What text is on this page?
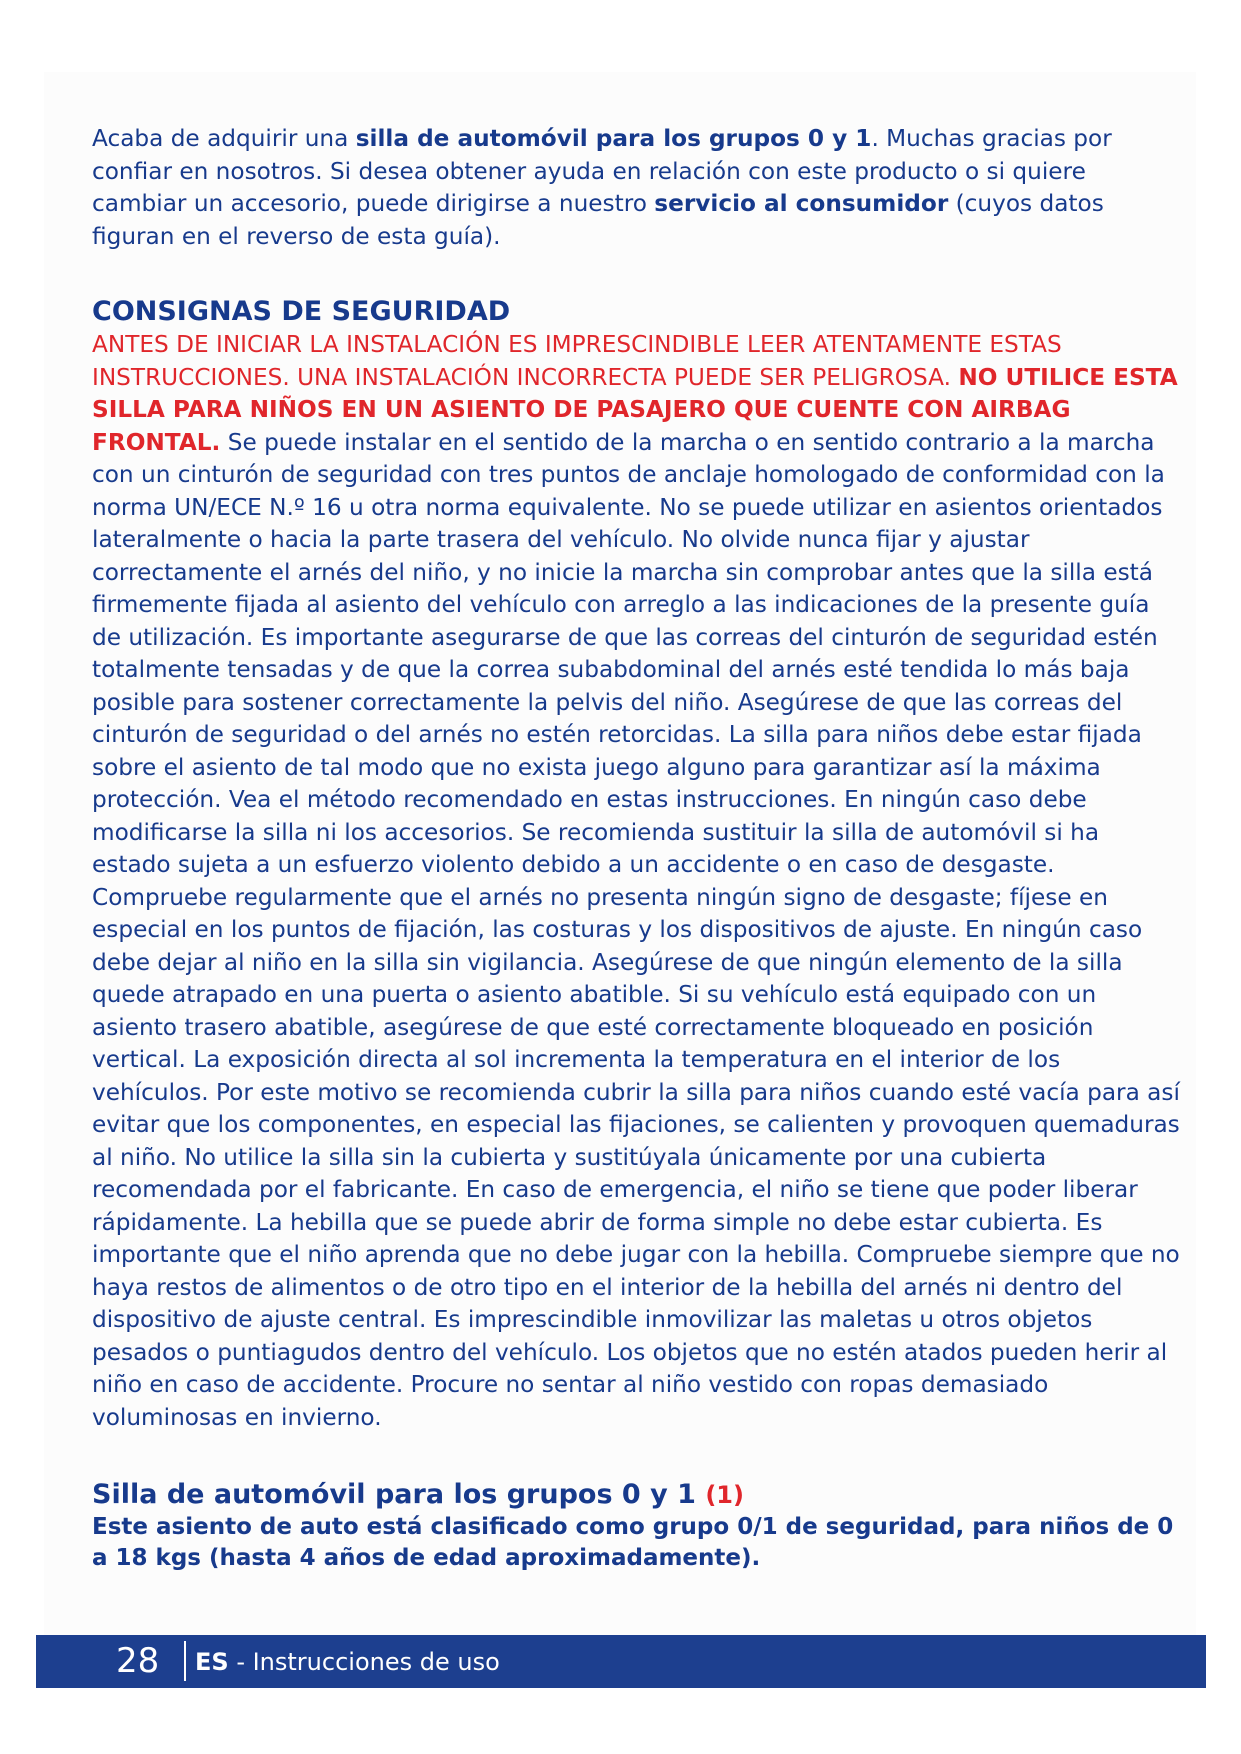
Acaba de adquirir una silla de automóvil para los grupos 0 y 1. Muchas gracias por confiar en nosotros. Si desea obtener ayuda en relación con este producto o si quiere cambiar un accesorio, puede dirigirse a nuestro servicio al consumidor (cuyos datos figuran en el reverso de esta guía).

CONSIGNAS DE SEGURIDAD

ANTES DE INICIAR LA INSTALACIÓN ES IMPRESCINDIBLE LEER ATENTAMENTE ESTAS INSTRUCCIONES. UNA INSTALACIÓN INCORRECTA PUEDE SER PELIGROSA. NO UTILICE ESTA SILLA PARA NIÑOS EN UN ASIENTO DE PASAJERO QUE CUENTE CON AIRBAG FRONTAL. Se puede instalar en el sentido de la marcha o en sentido contrario a la marcha con un cinturón de seguridad con tres puntos de anclaje homologado de conformidad con la norma UN/ECE N.º 16 u otra norma equivalente. No se puede utilizar en asientos orientados lateralmente o hacia la parte trasera del vehículo. No olvide nunca fijar y ajustar correctamente el arnés del niño, y no inicie la marcha sin comprobar antes que la silla está firmemente fijada al asiento del vehículo con arreglo a las indicaciones de la presente guía de utilización. Es importante asegurarse de que las correas del cinturón de seguridad estén totalmente tensadas y de que la correa subabdominal del arnés esté tendida lo más baja posible para sostener correctamente la pelvis del niño. Asegúrese de que las correas del cinturón de seguridad o del arnés no estén retorcidas. La silla para niños debe estar fijada sobre el asiento de tal modo que no exista juego alguno para garantizar así la máxima protección. Vea el método recomendado en estas instrucciones. En ningún caso debe modificarse la silla ni los accesorios. Se recomienda sustituir la silla de automóvil si ha estado sujeta a un esfuerzo violento debido a un accidente o en caso de desgaste. Compruebe regularmente que el arnés no presenta ningún signo de desgaste; fíjese en especial en los puntos de fijación, las costuras y los dispositivos de ajuste. En ningún caso debe dejar al niño en la silla sin vigilancia. Asegúrese de que ningún elemento de la silla quede atrapado en una puerta o asiento abatible. Si su vehículo está equipado con un asiento trasero abatible, asegúrese de que esté correctamente bloqueado en posición vertical. La exposición directa al sol incrementa la temperatura en el interior de los vehículos. Por este motivo se recomienda cubrir la silla para niños cuando esté vacía para así evitar que los componentes, en especial las fijaciones, se calienten y provoquen quemaduras al niño. No utilice la silla sin la cubierta y sustitúyala únicamente por una cubierta recomendada por el fabricante. En caso de emergencia, el niño se tiene que poder liberar rápidamente. La hebilla que se puede abrir de forma simple no debe estar cubierta. Es importante que el niño aprenda que no debe jugar con la hebilla. Compruebe siempre que no haya restos de alimentos o de otro tipo en el interior de la hebilla del arnés ni dentro del dispositivo de ajuste central. Es imprescindible inmovilizar las maletas u otros objetos pesados o puntiagudos dentro del vehículo. Los objetos que no estén atados pueden herir al niño en caso de accidente. Procure no sentar al niño vestido con ropas demasiado voluminosas en invierno.

Silla de automóvil para los grupos 0 y 1 (1)

Este asiento de auto está clasificado como grupo 0/1 de seguridad, para niños de 0 a 18 kgs (hasta 4 años de edad aproximadamente).

28 ES - Instrucciones de uso
